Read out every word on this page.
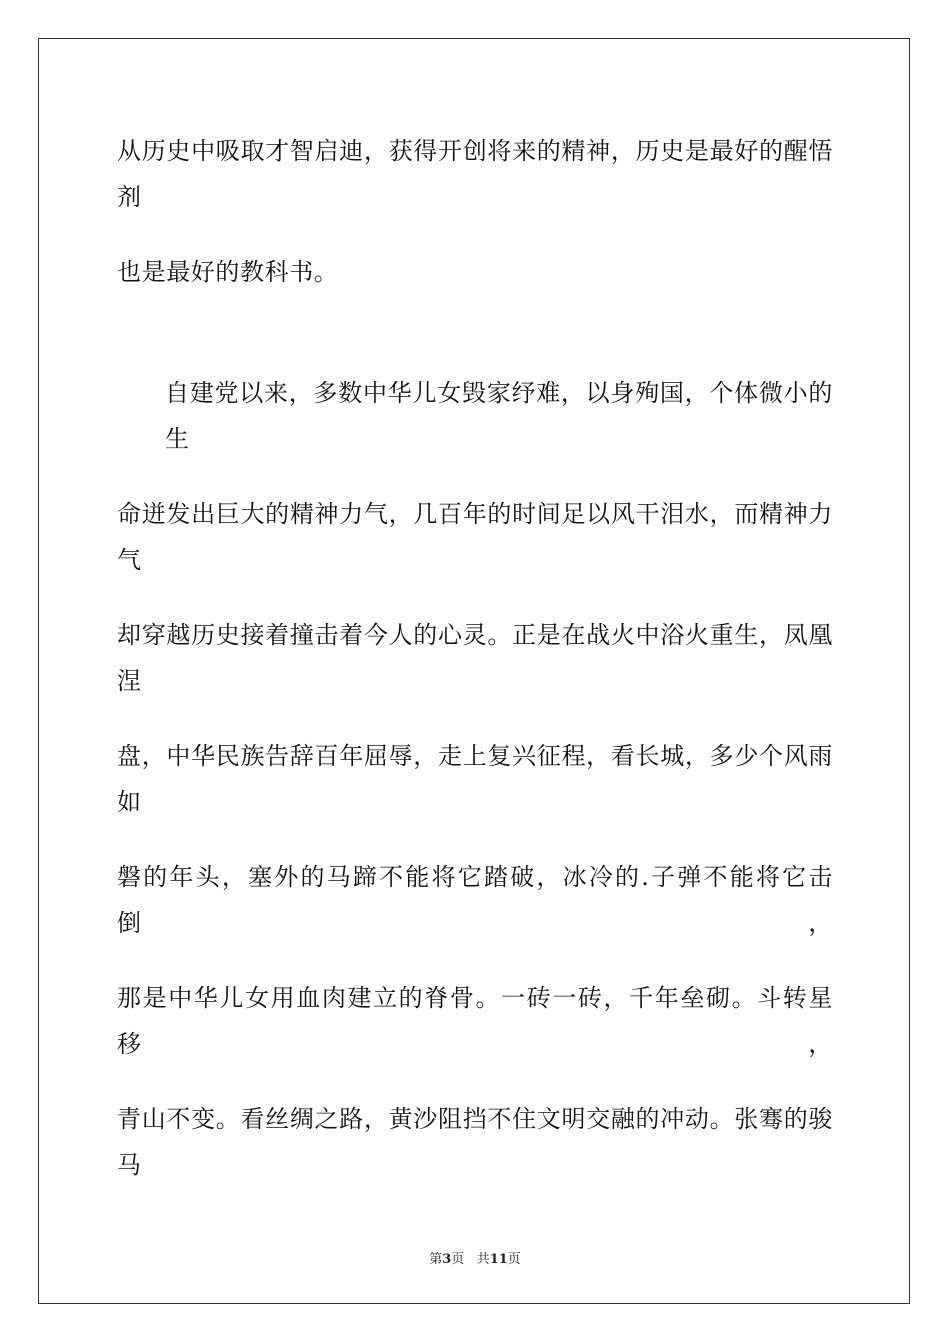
从历史中吸取才智启迪，获得开创将来的精神，历史是最好的醒悟剂
也是最好的教科书。
自建党以来，多数中华儿女毁家纾难，以身殉国，个体微小的生
命迸发出巨大的精神力气，几百年的时间足以风干泪水，而精神力气
却穿越历史接着撞击着今人的心灵。正是在战火中浴火重生，凤凰涅
盘，中华民族告辞百年屈辱，走上复兴征程，看长城，多少个风雨如
磐的年头，塞外的马蹄不能将它踏破，冰冷的.子弹不能将它击倒，
那是中华儿女用血肉建立的脊骨。一砖一砖，千年垒砌。斗转星移，
青山不变。看丝绸之路，黄沙阻挡不住文明交融的冲动。张骞的骏马
第3页 共11页
